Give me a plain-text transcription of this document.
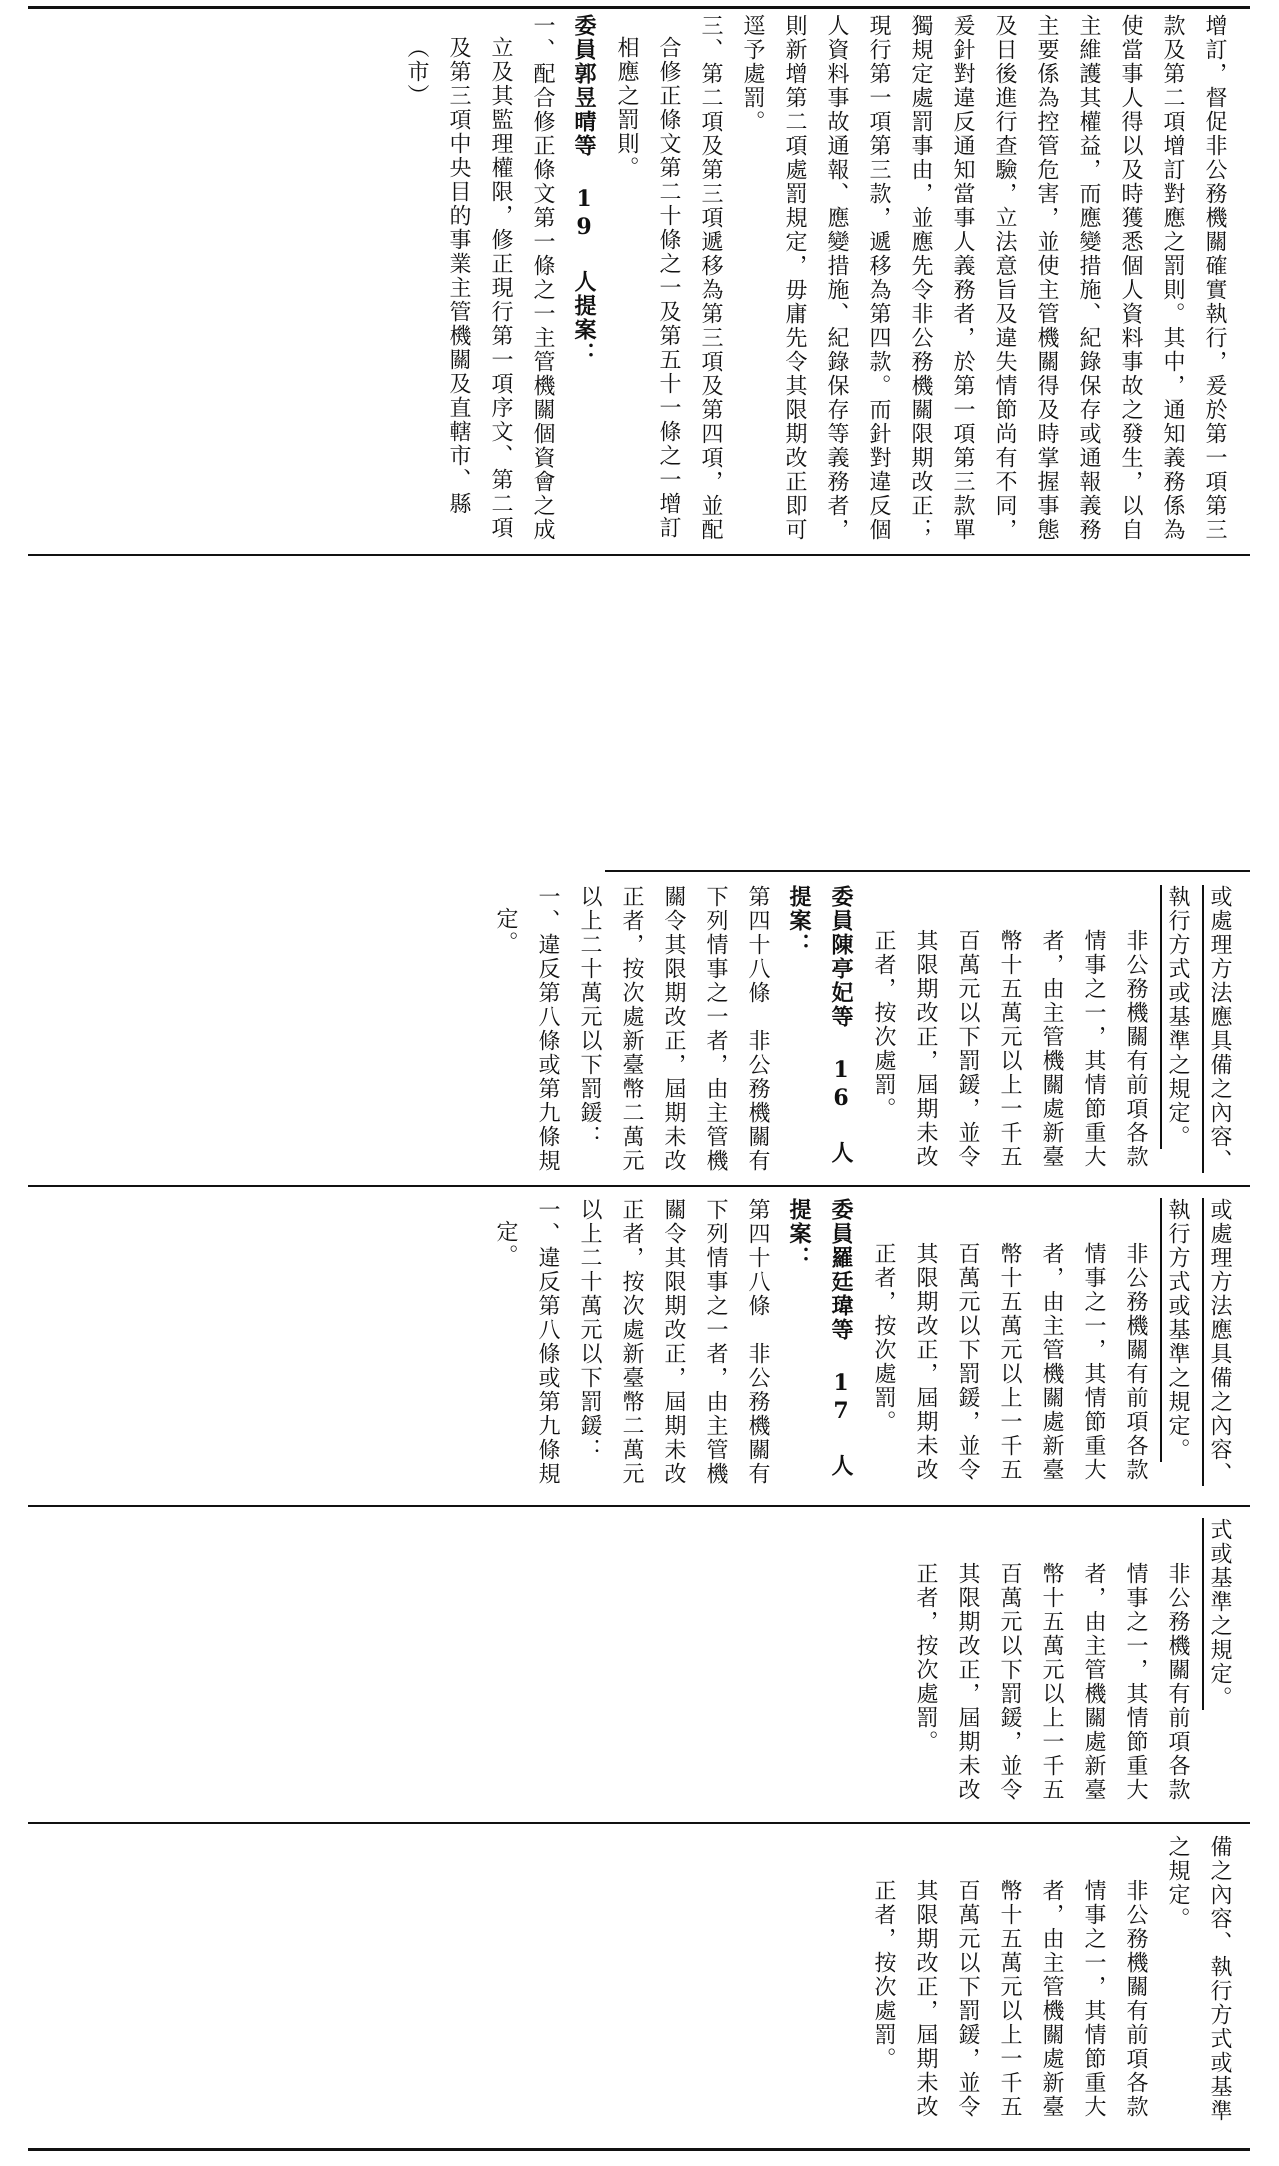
增訂，督促非公務機關確實執行，爰於第一項第三款及第二項增訂對應之罰則。其中，通知義務係為使當事人得以及時獲悉個人資料事故之發生，以自主維護其權益，而應變措施、紀錄保存或通報義務主要係為控管危害，並使主管機關得及時掌握事態及日後進行查驗，立法意旨及違失情節尚有不同，爰針對違反通知當事人義務者，於第一項第三款單獨規定處罰事由，並應先令非公務機關限期改正；現行第一項第三款，遞移為第四款。而針對違反個人資料事故通報、應變措施、紀錄保存等義務者，則新增第二項處罰規定，毋庸先令其限期改正即可逕予處罰。

三、第二項及第三項遞移為第三項及第四項，並配合修正條文第二十條之一及第五十一條之一增訂相應之罰則。

委員郭昱晴等 19 人提案：

一、配合修正條文第一條之一主管機關個資會之成立及其監理權限，修正現行第一項序文、第二項及第三項中央目的事業主管機關及直轄市、縣（市）

或處理方法應具備之內容、執行方式或基準之規定。

非公務機關有前項各款情事之一，其情節重大者，由主管機關處新臺幣十五萬元以上一千五百萬元以下罰鍰，並令其限期改正，屆期未改正者，按次處罰。

委員陳亭妃等 16 人提案：

第四十八條　非公務機關有下列情事之一者，由主管機關令其限期改正，屆期未改正者，按次處新臺幣二萬元以上二十萬元以下罰鍰：

一、違反第八條或第九條規定。

或處理方法應具備之內容、執行方式或基準之規定。

非公務機關有前項各款情事之一，其情節重大者，由主管機關處新臺幣十五萬元以上一千五百萬元以下罰鍰，並令其限期改正，屆期未改正者，按次處罰。

委員羅廷瑋等 17 人提案：

第四十八條　非公務機關有下列情事之一者，由主管機關令其限期改正，屆期未改正者，按次處新臺幣二萬元以上二十萬元以下罰鍰：

一、違反第八條或第九條規定。

式或基準之規定。

非公務機關有前項各款情事之一，其情節重大者，由主管機關處新臺幣十五萬元以上一千五百萬元以下罰鍰，並令其限期改正，屆期未改正者，按次處罰。

備之內容、執行方式或基準之規定。

非公務機關有前項各款情事之一，其情節重大者，由主管機關處新臺幣十五萬元以上一千五百萬元以下罰鍰，並令其限期改正，屆期未改正者，按次處罰。
